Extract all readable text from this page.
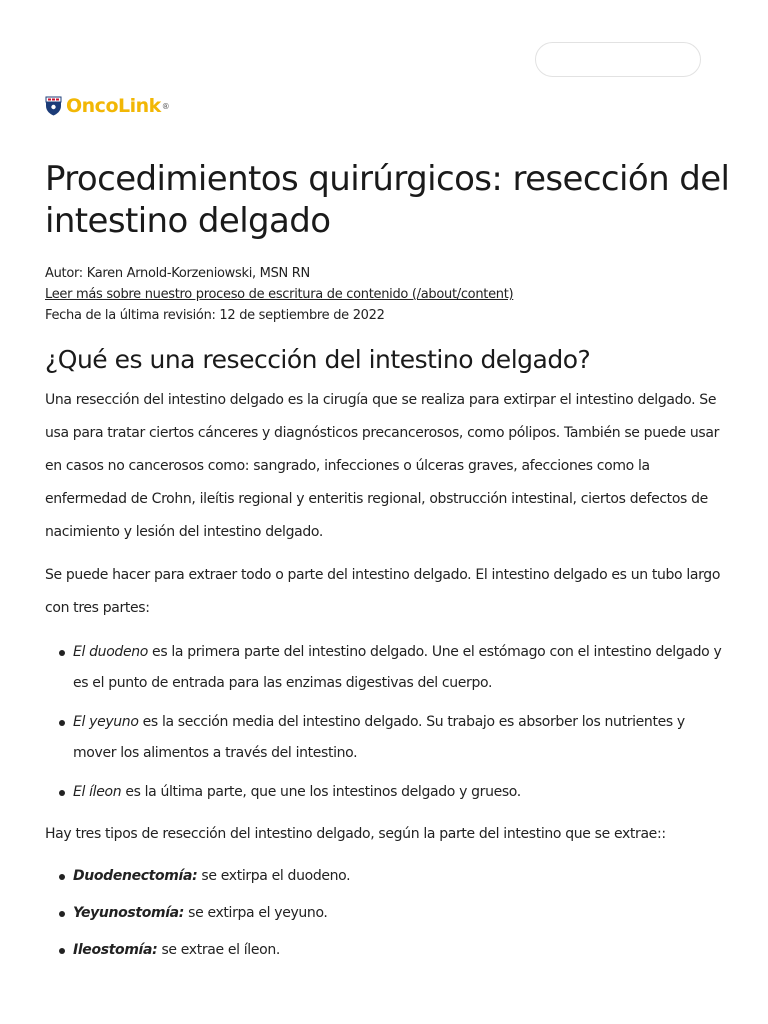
OncoLink ®
Procedimientos quirúrgicos: resección del intestino delgado
Autor: Karen Arnold-Korzeniowski, MSN RN
Leer más sobre nuestro proceso de escritura de contenido (/about/content)
Fecha de la última revisión: 12 de septiembre de 2022
¿Qué es una resección del intestino delgado?

Una resección del intestino delgado es la cirugía que se realiza para extirpar el intestino delgado. Se usa para tratar ciertos cánceres y diagnósticos precancerosos, como pólipos. También se puede usar en casos no cancerosos como: sangrado, infecciones o úlceras graves, afecciones como la enfermedad de Crohn, ileítis regional y enteritis regional, obstrucción intestinal, ciertos defectos de nacimiento y lesión del intestino delgado.

Se puede hacer para extraer todo o parte del intestino delgado. El intestino delgado es un tubo largo con tres partes:

El duodeno es la primera parte del intestino delgado. Une el estómago con el intestino delgado y es el punto de entrada para las enzimas digestivas del cuerpo.
El yeyuno es la sección media del intestino delgado. Su trabajo es absorber los nutrientes y mover los alimentos a través del intestino.
El íleon es la última parte, que une los intestinos delgado y grueso.

Hay tres tipos de resección del intestino delgado, según la parte del intestino que se extrae::

Duodenectomía: se extirpa el duodeno.
Yeyunostomía: se extirpa el yeyuno.
Ileostomía: se extrae el íleon.
